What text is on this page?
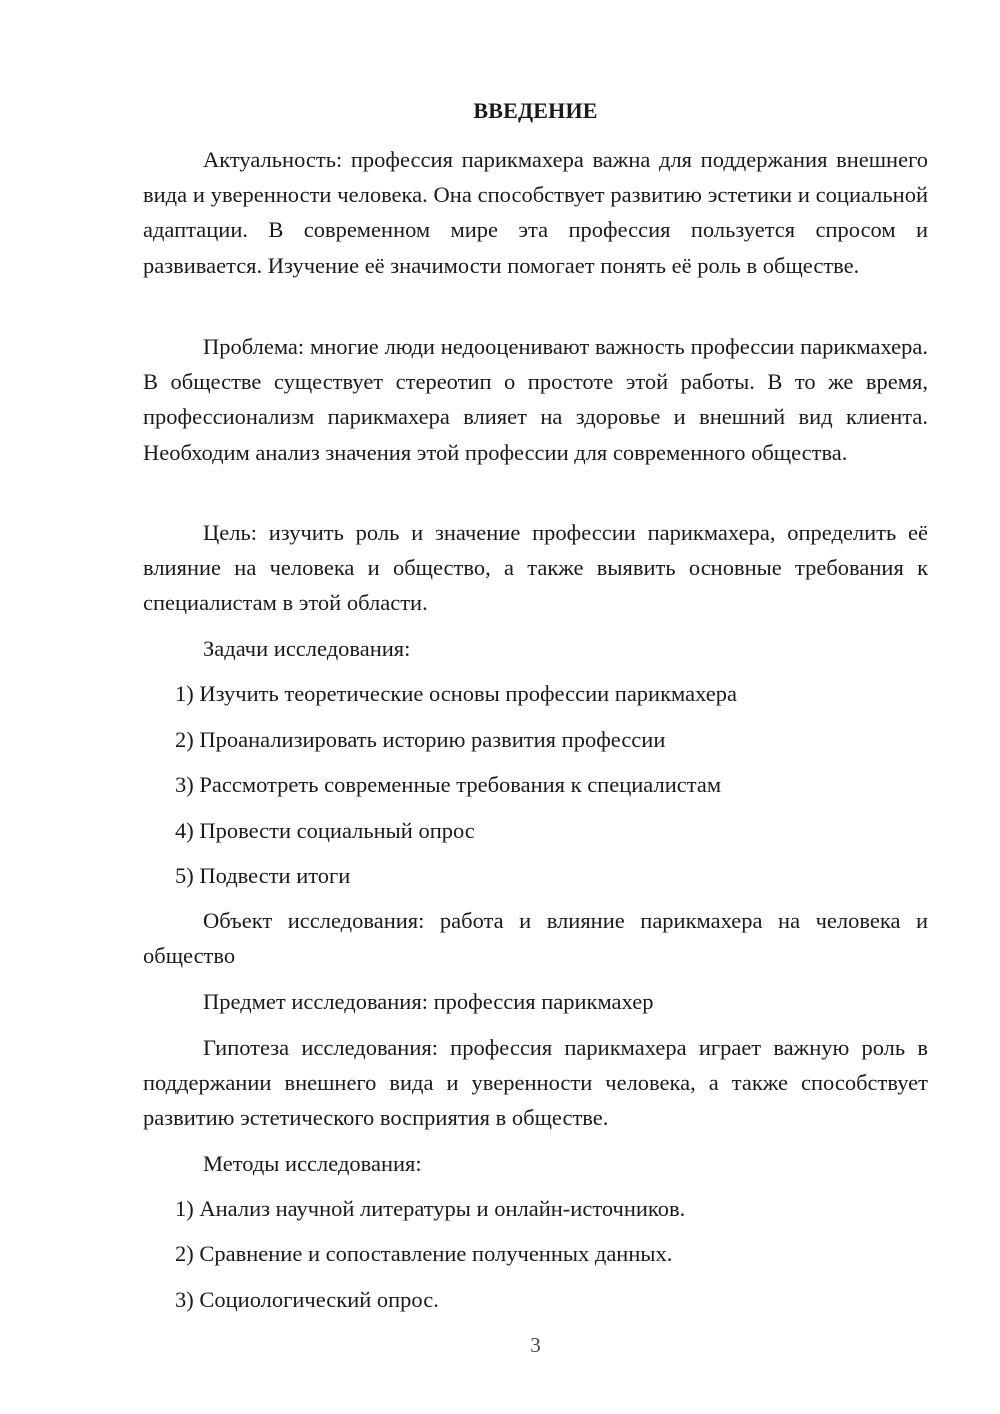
ВВЕДЕНИЕ

Актуальность: профессия парикмахера важна для поддержания внешнего вида и уверенности человека. Она способствует развитию эстетики и социальной адаптации. В современном мире эта профессия пользуется спросом и развивается. Изучение её значимости помогает понять её роль в обществе.

Проблема: многие люди недооценивают важность профессии парикмахера. В обществе существует стереотип о простоте этой работы. В то же время, профессионализм парикмахера влияет на здоровье и внешний вид клиента. Необходим анализ значения этой профессии для современного общества.

Цель: изучить роль и значение профессии парикмахера, определить её влияние на человека и общество, а также выявить основные требования к специалистам в этой области.

Задачи исследования:

1) Изучить теоретические основы профессии парикмахера

2) Проанализировать историю развития профессии

3) Рассмотреть современные требования к специалистам

4) Провести социальный опрос

5) Подвести итоги

Объект исследования: работа и влияние парикмахера на человека и общество

Предмет исследования: профессия парикмахер

Гипотеза исследования: профессия парикмахера играет важную роль в поддержании внешнего вида и уверенности человека, а также способствует развитию эстетического восприятия в обществе.

Методы исследования:

1) Анализ научной литературы и онлайн-источников.

2) Сравнение и сопоставление полученных данных.

3) Социологический опрос.

3
